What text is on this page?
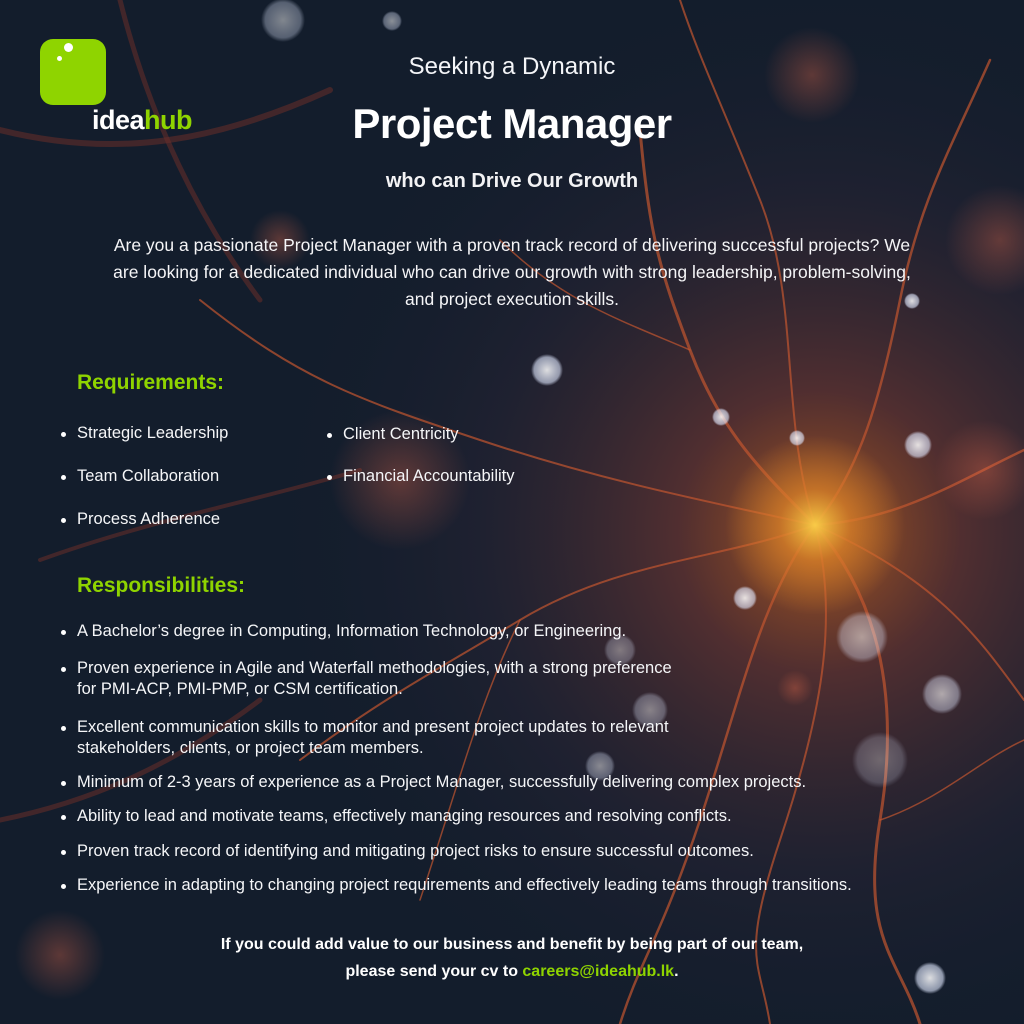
ideahub
Seeking a Dynamic
Project Manager
who can Drive Our Growth
Are you a passionate Project Manager with a proven track record of delivering successful projects? We are looking for a dedicated individual who can drive our growth with strong leadership, problem-solving, and project execution skills.
Requirements:
Strategic Leadership	Client Centricity
Team Collaboration	Financial Accountability
Process Adherence
Responsibilities:
A Bachelor’s degree in Computing, Information Technology, or Engineering.
Proven experience in Agile and Waterfall methodologies, with a strong preference
for PMI-ACP, PMI-PMP, or CSM certification.
Excellent communication skills to monitor and present project updates to relevant
stakeholders, clients, or project team members.
Minimum of 2-3 years of experience as a Project Manager, successfully delivering complex projects.
Ability to lead and motivate teams, effectively managing resources and resolving conflicts.
Proven track record of identifying and mitigating project risks to ensure successful outcomes.
Experience in adapting to changing project requirements and effectively leading teams through transitions.
If you could add value to our business and benefit by being part of our team,
please send your cv to careers@ideahub.lk.
